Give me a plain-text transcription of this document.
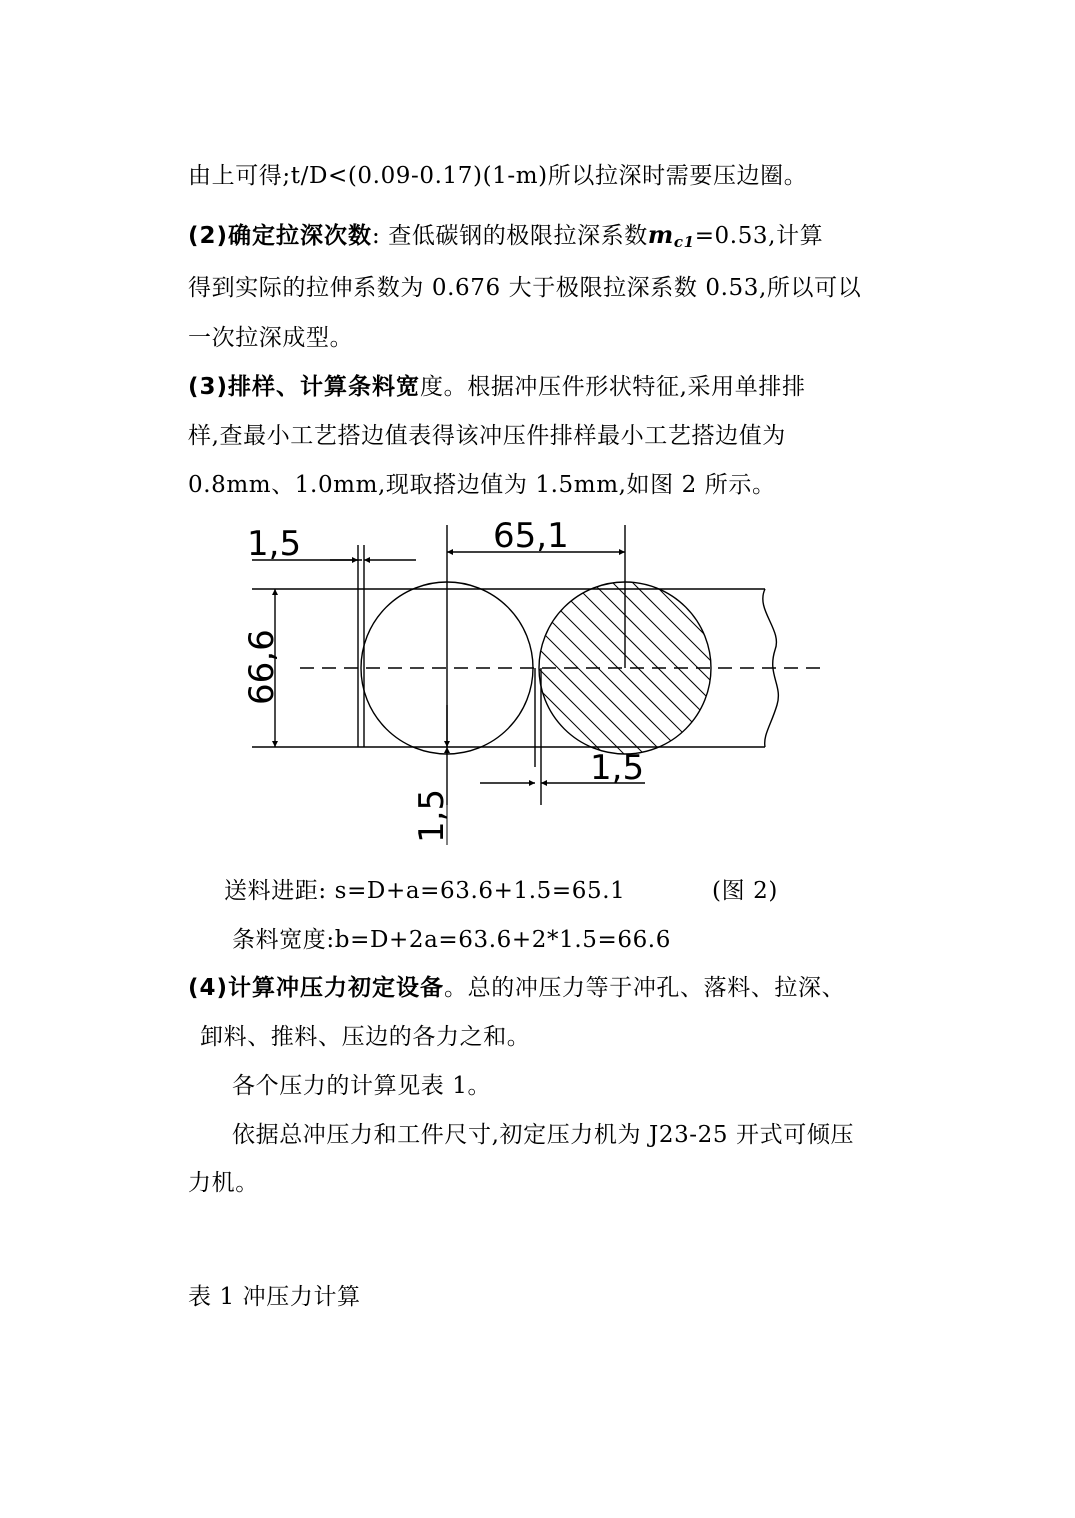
由上可得;t/D<(0.09-0.17)(1-m)所以拉深时需要压边圈。
(2)确定拉深次数: 查低碳钢的极限拉深系数$m_{c1}=0.53$,计算
得到实际的拉伸系数为 0.676 大于极限拉深系数 0.53,所以可以
一次拉深成型。
(3)排样、计算条料宽度。根据冲压件形状特征,采用单排排
样,查最小工艺搭边值表得该冲压件排样最小工艺搭边值为
0.8mm、1.0mm,现取搭边值为 1.5mm,如图 2 所示。
1,5	65,1
66,6
1,5
1,5
送料进距: s=D+a=63.6+1.5=65.1	(图 2)
条料宽度:b=D+2a=63.6+2*1.5=66.6
(4)计算冲压力初定设备。总的冲压力等于冲孔、落料、拉深、
卸料、推料、压边的各力之和。
各个压力的计算见表 1。
依据总冲压力和工件尺寸,初定压力机为 J23-25 开式可倾压
力机。
表 1 冲压力计算
